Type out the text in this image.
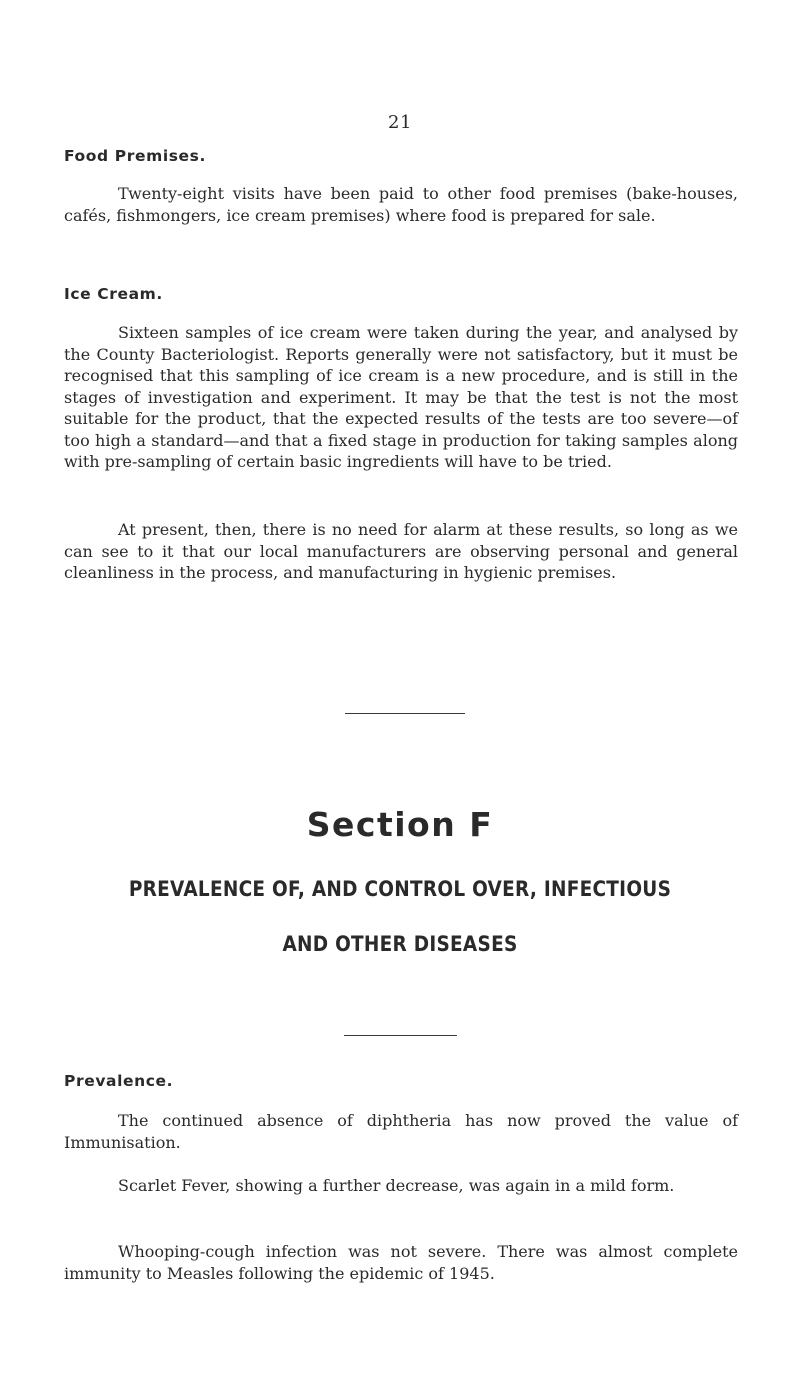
21
Food Premises.

Twenty-eight visits have been paid to other food premises (bake-houses, cafés, fishmongers, ice cream premises) where food is prepared for sale.

Ice Cream.

Sixteen samples of ice cream were taken during the year, and analysed by the County Bacteriologist. Reports generally were not satisfactory, but it must be recognised that this sampling of ice cream is a new procedure, and is still in the stages of investigation and experiment. It may be that the test is not the most suitable for the product, that the expected results of the tests are too severe—of too high a standard—and that a fixed stage in production for taking samples along with pre-sampling of certain basic ingredients will have to be tried.

At present, then, there is no need for alarm at these results, so long as we can see to it that our local manufacturers are observing personal and general cleanliness in the process, and manufacturing in hygienic premises.

Section F
PREVALENCE OF, AND CONTROL OVER, INFECTIOUS
AND OTHER DISEASES
Prevalence.

The continued absence of diphtheria has now proved the value of Immunisation.

Scarlet Fever, showing a further decrease, was again in a mild form.

Whooping-cough infection was not severe. There was almost complete immunity to Measles following the epidemic of 1945.
